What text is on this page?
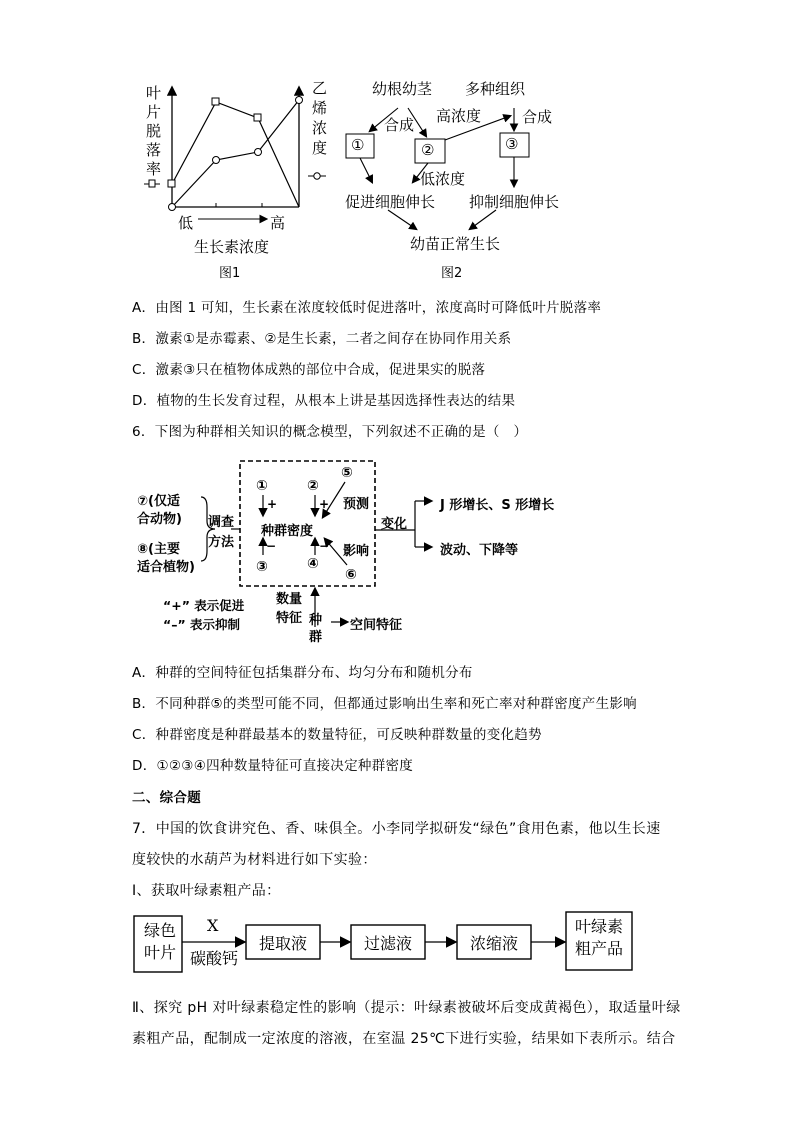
叶
片
脱
落
率
乙
烯
浓
度
低	高
生长素浓度
图1
幼根幼茎 多种组织
合成 高浓度	合成
①	②	③
低浓度
促进细胞伸长 抑制细胞伸长
幼苗正常生长
图2
A．由图 1 可知，生长素在浓度较低时促进落叶，浓度高时可降低叶片脱落率
B．激素①是赤霉素、②是生长素，二者之间存在协同作用关系
C．激素③只在植物体成熟的部位中合成，促进果实的脱落
D．植物的生长发育过程，从根本上讲是基因选择性表达的结果
6．下图为种群相关知识的概念模型，下列叙述不正确的是（　）
⑦(仅适
合动物)
⑧(主要
适合植物)
调查
方法
①	②
⑤
+	+ 预测
种群密度
−	− 影响
③	④
⑥
变化
J 形增长、S 形增长
波动、下降等
“+” 表示促进
“–” 表示抑制
数量
特征 种
群
空间特征
A．种群的空间特征包括集群分布、均匀分布和随机分布
B．不同种群⑤的类型可能不同，但都通过影响出生率和死亡率对种群密度产生影响
C．种群密度是种群最基本的数量特征，可反映种群数量的变化趋势
D．①②③④四种数量特征可直接决定种群密度
二、综合题
7．中国的饮食讲究色、香、味俱全。小李同学拟研发“绿色”食用色素，他以生长速
度较快的水葫芦为材料进行如下实验：
I、获取叶绿素粗产品：
绿色
叶片
X
碳酸钙
提取液	过滤液	浓缩液
叶绿素
粗产品
Ⅱ、探究 pH 对叶绿素稳定性的影响（提示：叶绿素被破坏后变成黄褐色），取适量叶绿
素粗产品，配制成一定浓度的溶液，在室温 25℃下进行实验，结果如下表所示。结合
